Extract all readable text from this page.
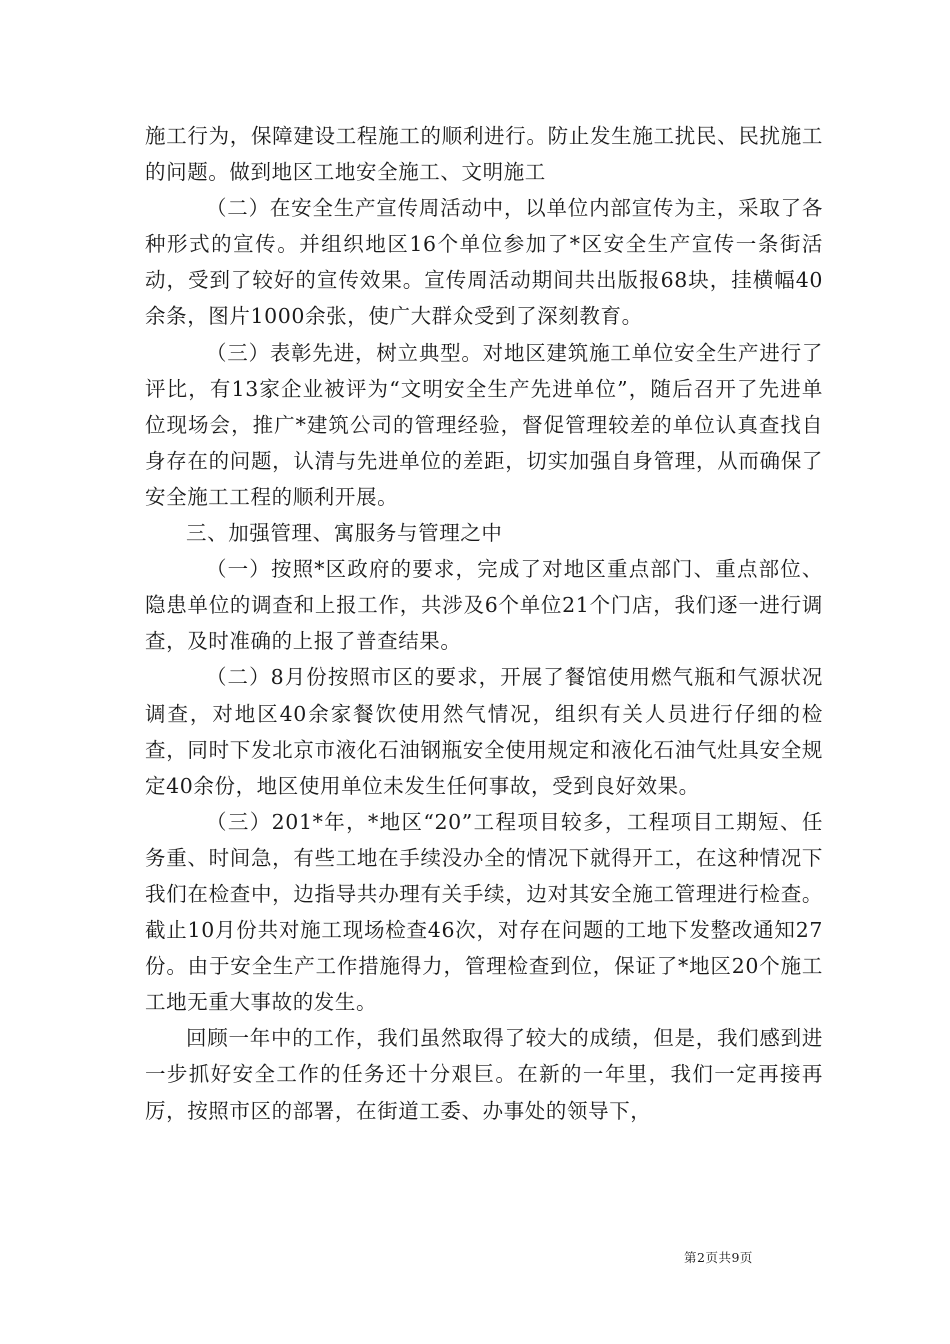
施工行为，保障建设工程施工的顺利进行。防止发生施工扰民、民扰施工的问题。做到地区工地安全施工、文明施工

（二）在安全生产宣传周活动中，以单位内部宣传为主，采取了各种形式的宣传。并组织地区16个单位参加了*区安全生产宣传一条街活动，受到了较好的宣传效果。宣传周活动期间共出版报68块，挂横幅40余条，图片1000余张，使广大群众受到了深刻教育。

（三）表彰先进，树立典型。对地区建筑施工单位安全生产进行了评比，有13家企业被评为“文明安全生产先进单位”，随后召开了先进单位现场会，推广*建筑公司的管理经验，督促管理较差的单位认真查找自身存在的问题，认清与先进单位的差距，切实加强自身管理，从而确保了安全施工工程的顺利开展。

三、加强管理、寓服务与管理之中

（一）按照*区政府的要求，完成了对地区重点部门、重点部位、隐患单位的调查和上报工作，共涉及6个单位21个门店，我们逐一进行调查，及时准确的上报了普查结果。

（二）8月份按照市区的要求，开展了餐馆使用燃气瓶和气源状况调查，对地区40余家餐饮使用然气情况，组织有关人员进行仔细的检查，同时下发北京市液化石油钢瓶安全使用规定和液化石油气灶具安全规定40余份，地区使用单位未发生任何事故，受到良好效果。

（三）201*年，*地区“20”工程项目较多，工程项目工期短、任务重、时间急，有些工地在手续没办全的情况下就得开工，在这种情况下我们在检查中，边指导共办理有关手续，边对其安全施工管理进行检查。截止10月份共对施工现场检查46次，对存在问题的工地下发整改通知27份。由于安全生产工作措施得力，管理检查到位，保证了*地区20个施工工地无重大事故的发生。

回顾一年中的工作，我们虽然取得了较大的成绩，但是，我们感到进一步抓好安全工作的任务还十分艰巨。在新的一年里，我们一定再接再厉，按照市区的部署，在街道工委、办事处的领导下，

第2页共9页
